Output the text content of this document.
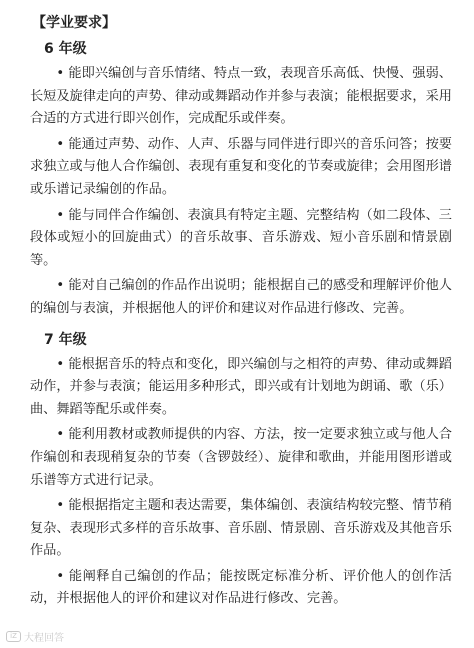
【学业要求】
6 年级
• 能即兴编创与音乐情绪、特点一致，表现音乐高低、快慢、强弱、长短及旋律走向的声势、律动或舞蹈动作并参与表演；能根据要求，采用合适的方式进行即兴创作，完成配乐或伴奏。
• 能通过声势、动作、人声、乐器与同伴进行即兴的音乐问答；按要求独立或与他人合作编创、表现有重复和变化的节奏或旋律；会用图形谱或乐谱记录编创的作品。
• 能与同伴合作编创、表演具有特定主题、完整结构（如二段体、三段体或短小的回旋曲式）的音乐故事、音乐游戏、短小音乐剧和情景剧等。
• 能对自己编创的作品作出说明；能根据自己的感受和理解评价他人的编创与表演，并根据他人的评价和建议对作品进行修改、完善。
7 年级
• 能根据音乐的特点和变化，即兴编创与之相符的声势、律动或舞蹈动作，并参与表演；能运用多种形式，即兴或有计划地为朗诵、歌（乐）曲、舞蹈等配乐或伴奏。
• 能利用教材或教师提供的内容、方法，按一定要求独立或与他人合作编创和表现稍复杂的节奏（含锣鼓经）、旋律和歌曲，并能用图形谱或乐谱等方式进行记录。
• 能根据指定主题和表达需要，集体编创、表演结构较完整、情节稍复杂、表现形式多样的音乐故事、音乐剧、情景剧、音乐游戏及其他音乐作品。
• 能阐释自己编创的作品；能按既定标准分析、评价他人的创作活动，并根据他人的评价和建议对作品进行修改、完善。
iZ 大程回答
